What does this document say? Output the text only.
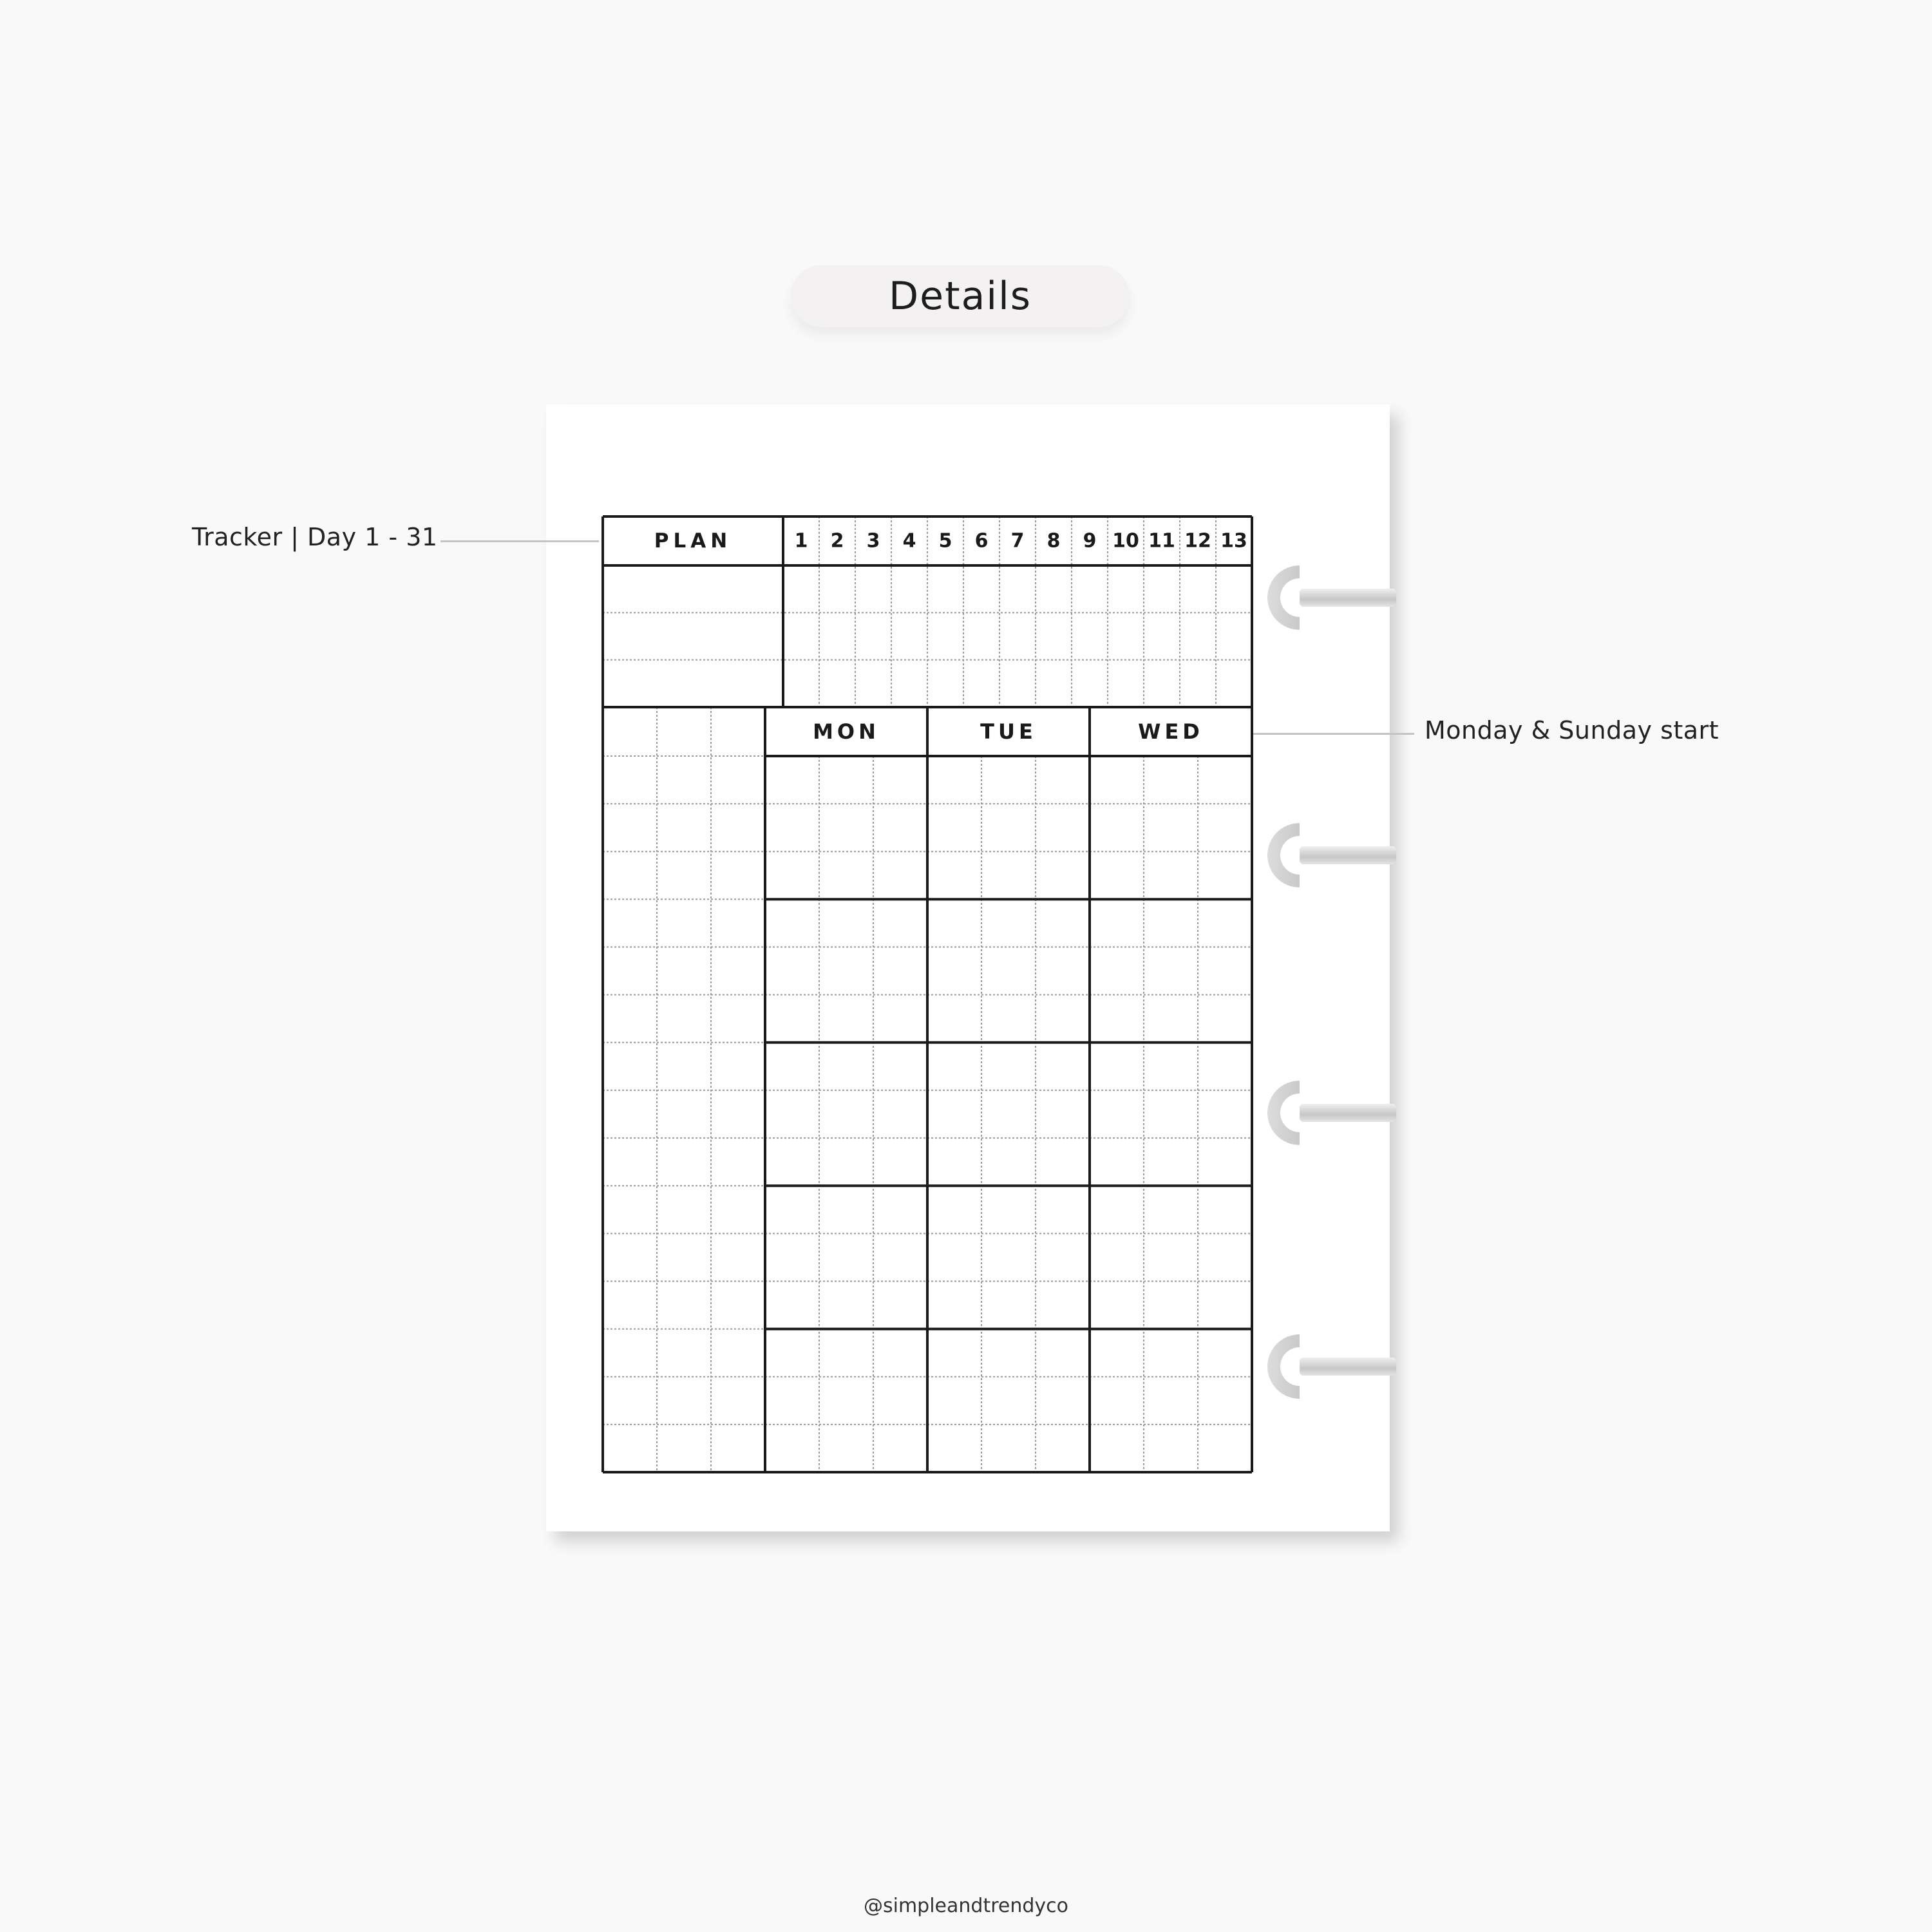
Details
Tracker | Day 1 - 31
Monday & Sunday start
PLAN	1 2 3 4 5 6 7 8 9 10 11 12 13
MON	TUE	WED
@simpleandtrendyco
